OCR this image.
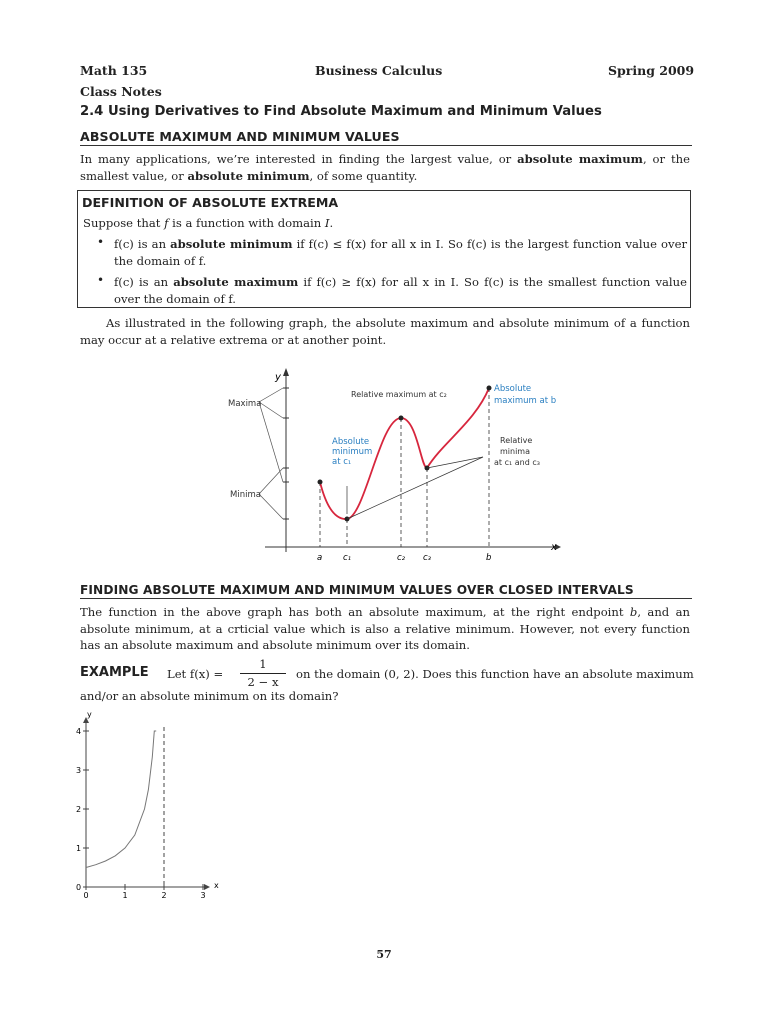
Math 135	Business Calculus	Spring 2009
Class Notes
2.4 Using Derivatives to Find Absolute Maximum and Minimum Values
ABSOLUTE MAXIMUM AND MINIMUM VALUES
In many applications, we’re interested in finding the largest value, or absolute maximum, or the smallest value, or absolute minimum, of some quantity.
DEFINITION OF ABSOLUTE EXTREMA
Suppose that f is a function with domain I.
• f(c) is an absolute minimum if f(c) ≤ f(x) for all x in I. So f(c) is the largest function value over the domain of f.
• f(c) is an absolute maximum if f(c) ≥ f(x) for all x in I. So f(c) is the smallest function value over the domain of f.
As illustrated in the following graph, the absolute maximum and absolute minimum of a function may occur at a relative extrema or at another point.
y
x
Maxima
Minima
Relative maximum at c₂
Absolute
maximum at b
Absolute
minimum
at c₁
Relative
minima
at c₁ and c₃
a c₁	c₂ c₃	b
FINDING ABSOLUTE MAXIMUM AND MINIMUM VALUES OVER CLOSED INTERVALS
The function in the above graph has both an absolute maximum, at the right endpoint b, and an absolute minimum, at a crticial value which is also a relative minimum. However, not every function has an absolute maximum and absolute minimum over its domain.
EXAMPLE Let f(x) =
1
2 − x
on the domain (0, 2). Does this function have an absolute maximum
and/or an absolute minimum on its domain?
y
x
0	1	2	3
0
1
2
3
4
57
